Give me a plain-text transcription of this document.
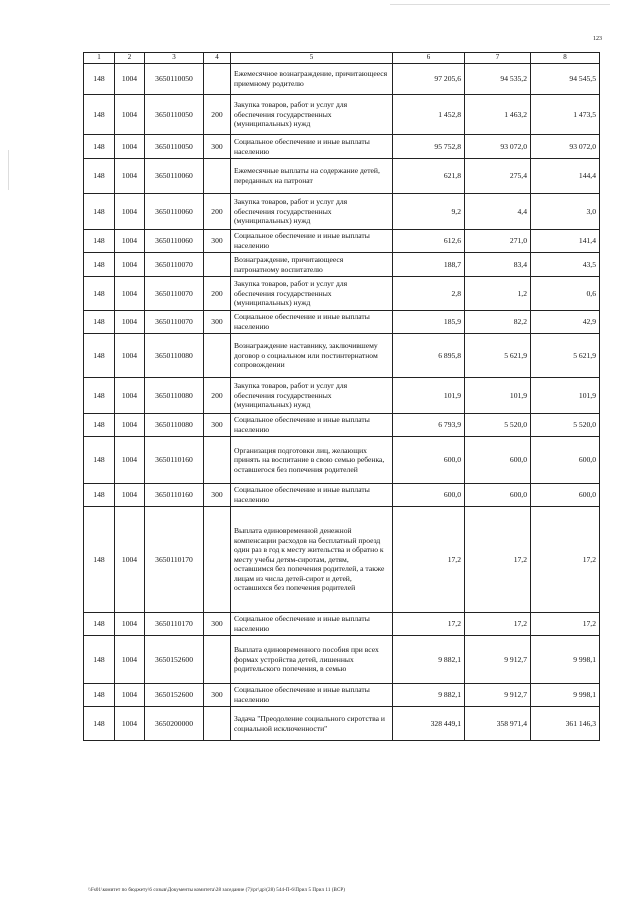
123
1	2	3	4	5	6	7	8
148	1004	3650110050		Ежемесячное вознаграждение, причитающееся приемному родителю	97 205,6	94 535,2	94 545,5
148	1004	3650110050	200	Закупка товаров, работ и услуг для обеспечения государственных (муниципальных) нужд	1 452,8	1 463,2	1 473,5
148	1004	3650110050	300	Социальное обеспечение и иные выплаты населению	95 752,8	93 072,0	93 072,0
148	1004	3650110060		Ежемесячные выплаты на содержание детей, переданных на патронат	621,8	275,4	144,4
148	1004	3650110060	200	Закупка товаров, работ и услуг для обеспечения государственных (муниципальных) нужд	9,2	4,4	3,0
148	1004	3650110060	300	Социальное обеспечение и иные выплаты населению	612,6	271,0	141,4
148	1004	3650110070		Вознаграждение, причитающееся патронатному воспитателю	188,7	83,4	43,5
148	1004	3650110070	200	Закупка товаров, работ и услуг для обеспечения государственных (муниципальных) нужд	2,8	1,2	0,6
148	1004	3650110070	300	Социальное обеспечение и иные выплаты населению	185,9	82,2	42,9
148	1004	3650110080		Вознаграждение наставнику, заключившему договор о социальном или постинтернатном сопровождении	6 895,8	5 621,9	5 621,9
148	1004	3650110080	200	Закупка товаров, работ и услуг для обеспечения государственных (муниципальных) нужд	101,9	101,9	101,9
148	1004	3650110080	300	Социальное обеспечение и иные выплаты населению	6 793,9	5 520,0	5 520,0
148	1004	3650110160		Организация подготовки лиц, желающих принять на воспитание в свою семью ребенка, оставшегося без попечения родителей	600,0	600,0	600,0
148	1004	3650110160	300	Социальное обеспечение и иные выплаты населению	600,0	600,0	600,0
148	1004	3650110170		Выплата единовременной денежной компенсации расходов на бесплатный проезд один раз в год к месту жительства и обратно к месту учебы детям-сиротам, детям, оставшимся без попечения родителей, а также лицам из числа детей-сирот и детей, оставшихся без попечения родителей	17,2	17,2	17,2
148	1004	3650110170	300	Социальное обеспечение и иные выплаты населению	17,2	17,2	17,2
148	1004	3650152600		Выплата единовременного пособия при всех формах устройства детей, лишенных родительского попечения, в семью	9 882,1	9 912,7	9 998,1
148	1004	3650152600	300	Социальное обеспечение и иные выплаты населению	9 882,1	9 912,7	9 998,1
148	1004	3650200000		Задача "Преодоление социального сиротства и социальной исключенности"	328 449,1	358 971,4	361 146,3
\\Fs01\комитет по бюджету\6 созыв\Документы комитета\28 заседание (7)\рг\др\(28) 544-П-6\Прил 5 Прил 11 (ВСР)
